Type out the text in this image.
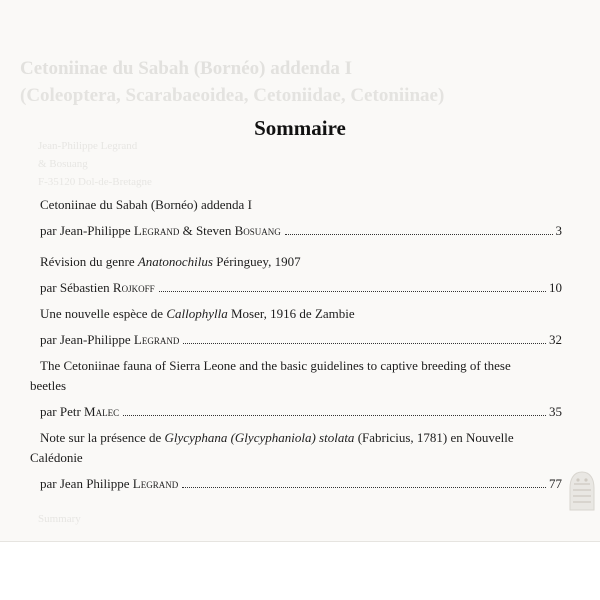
Cetoniinae du Sabah (Bornéo) addenda I
(Coleoptera, Scarabaeoidea, Cetoniidae, Cetoniinae)
Jean-Philippe Legrand
& Bosuang
F-35120 Dol-de-Bretagne
Summary
Sommaire
Cetoniinae du Sabah (Bornéo) addenda I
par Jean-Philippe Legrand & Steven Bosuang	3
Révision du genre Anatonochilus Péringuey, 1907
par Sébastien Rojkoff	10
Une nouvelle espèce de Callophylla Moser, 1916 de Zambie
par Jean-Philippe Legrand	32
The Cetoniinae fauna of Sierra Leone and the basic guidelines to captive breeding of these
beetles
par Petr Malec	35
Note sur la présence de Glycyphana (Glycyphaniola) stolata (Fabricius, 1781) en Nouvelle
Calédonie
par Jean Philippe Legrand	77
